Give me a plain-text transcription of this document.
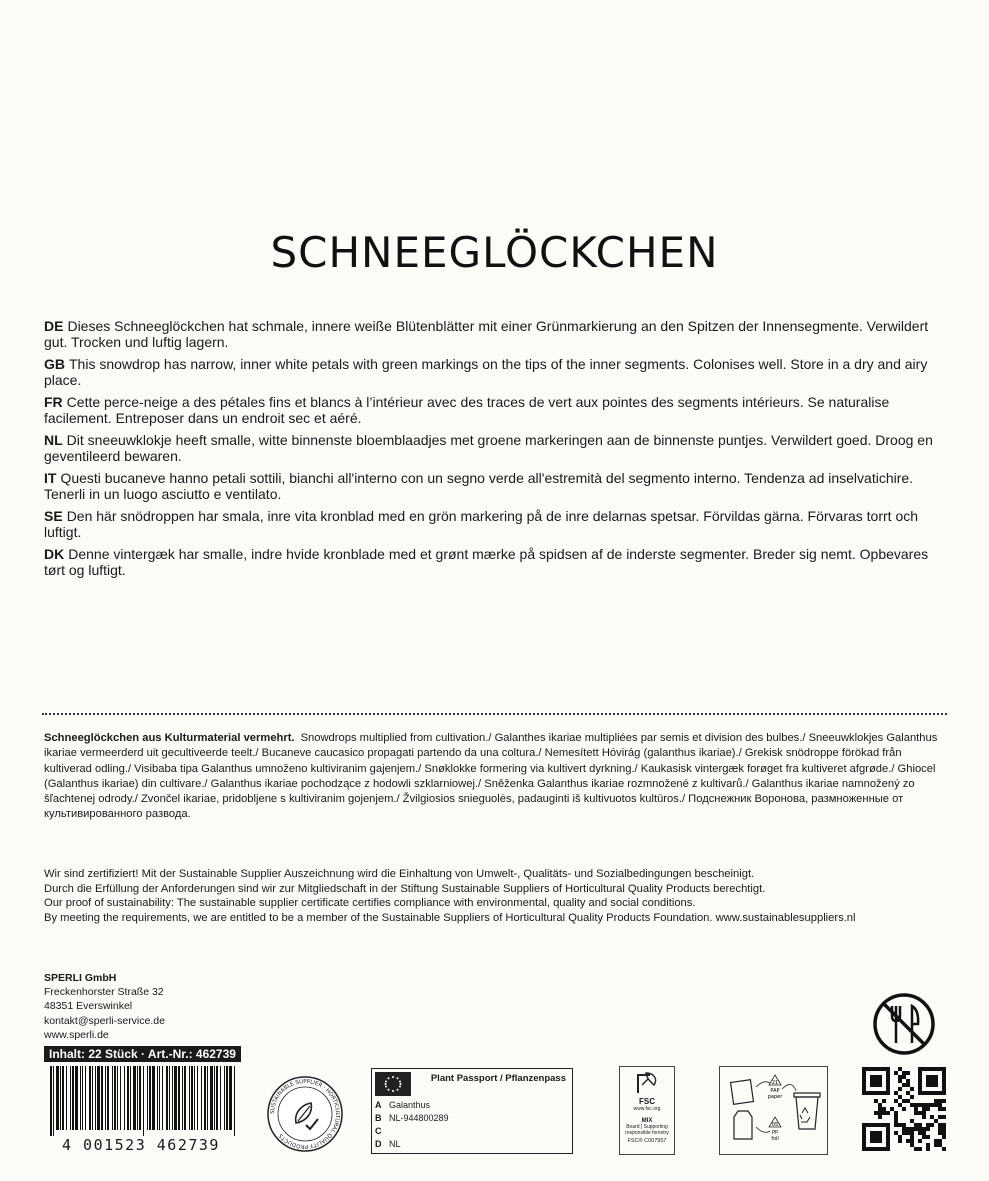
SCHNEEGLÖCKCHEN

DE Dieses Schneeglöckchen hat schmale, innere weiße Blütenblätter mit einer Grünmarkierung an den Spitzen der Innensegmente. Verwildert gut. Trocken und luftig lagern.

GB This snowdrop has narrow, inner white petals with green markings on the tips of the inner segments. Colonises well. Store in a dry and airy place.

FR Cette perce-neige a des pétales fins et blancs à l’intérieur avec des traces de vert aux pointes des segments intérieurs. Se naturalise facilement. Entreposer dans un endroit sec et aéré.

NL Dit sneeuwklokje heeft smalle, witte binnenste bloemblaadjes met groene markeringen aan de binnenste puntjes. Verwildert goed. Droog en geventileerd bewaren.

IT Questi bucaneve hanno petali sottili, bianchi all'interno con un segno verde all'estremità del segmento interno. Tendenza ad inselvatichire. Tenerli in un luogo asciutto e ventilato.

SE Den här snödroppen har smala, inre vita kronblad med en grön markering på de inre delarnas spetsar. Förvildas gärna. Förvaras torrt och luftigt.

DK Denne vintergæk har smalle, indre hvide kronblade med et grønt mærke på spidsen af de inderste segmenter. Breder sig nemt. Opbevares tørt og luftigt.

Schneeglöckchen aus Kulturmaterial vermehrt. Snowdrops multiplied from cultivation./ Galanthes ikariae multipliées par semis et division des bulbes./ Sneeuwklokjes Galanthus ikariae vermeerderd uit gecultiveerde teelt./ Bucaneve caucasico propagati partendo da una coltura./ Nemesített Hóvirág (galanthus ikariae)./ Grekisk snödroppe förökad från kultiverad odling./ Visibaba tipa Galanthus umnoženo kultiviranim gajenjem./ Snøklokke formering via kultivert dyrkning./ Kaukasisk vintergæk forøget fra kultiveret afgrøde./ Ghiocel (Galanthus ikariae) din cultivare./ Galanthus ikariae pochodzące z hodowli szklarniowej./ Sněženka Galanthus ikariae rozmnožené z kultivarů./ Galanthus ikariae namnožený zo šľachtenej odrody./ Zvončel ikariae, pridobljene s kultiviranim gojenjem./ Žvilgiosios snieguolės, padauginti iš kultivuotos kultūros./ Подснежник Воронова, размноженные от культивированного развода.
Wir sind zertifiziert! Mit der Sustainable Supplier Auszeichnung wird die Einhaltung von Umwelt-, Qualitäts- und Sozialbedingungen bescheinigt.
Durch die Erfüllung der Anforderungen sind wir zur Mitgliedschaft in der Stiftung Sustainable Suppliers of Horticultural Quality Products berechtigt.
Our proof of sustainability: The sustainable supplier certificate certifies compliance with environmental, quality and social conditions.
By meeting the requirements, we are entitled to be a member of the Sustainable Suppliers of Horticultural Quality Products Foundation. www.sustainablesuppliers.nl
SPERLI GmbH
Freckenhorster Straße 32
48351 Everswinkel
kontakt@sperli-service.de
www.sperli.de
Inhalt: 22 Stück · Art.-Nr.: 462739
4 001523 462739
SUSTAINABLE SUPPLIER · HORTICULTURAL QUALITY PRODUCTS
Plant Passport / Pflanzenpass
A Galanthus
B NL-944800289
C
D NL
FSC
www.fsc.org
MIX
Board | Supporting responsible forestry
FSC® C007957
21
PAP
paper
05
PP
foil
